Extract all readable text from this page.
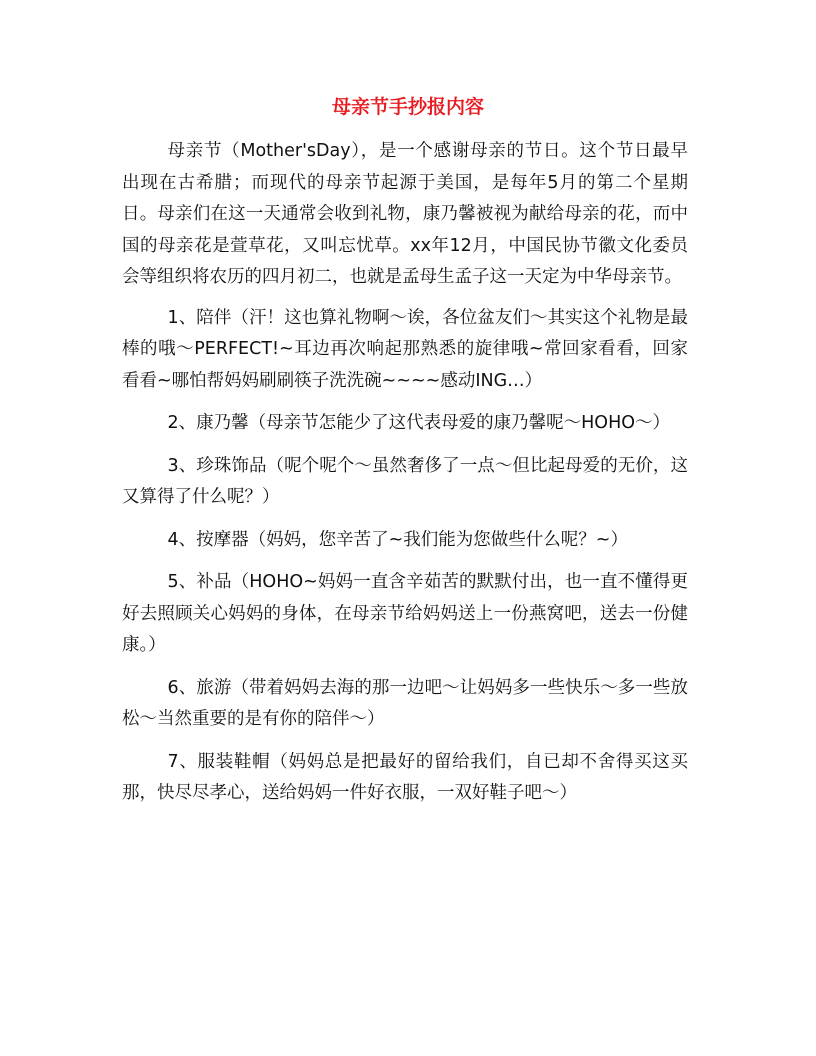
母亲节手抄报内容

母亲节（Mother'sDay），是一个感谢母亲的节日。这个节日最早出现在古希腊；而现代的母亲节起源于美国，是每年5月的第二个星期日。母亲们在这一天通常会收到礼物，康乃馨被视为献给母亲的花，而中国的母亲花是萱草花，又叫忘忧草。xx年12月，中国民协节徽文化委员会等组织将农历的四月初二，也就是孟母生孟子这一天定为中华母亲节。

1、陪伴（汗！这也算礼物啊～诶，各位盆友们～其实这个礼物是最棒的哦～PERFECT!~耳边再次响起那熟悉的旋律哦~常回家看看，回家看看~哪怕帮妈妈刷刷筷子洗洗碗~~~~感动ING…）

2、康乃馨（母亲节怎能少了这代表母爱的康乃馨呢～HOHO～）

3、珍珠饰品（呢个呢个～虽然奢侈了一点～但比起母爱的无价，这又算得了什么呢？）

4、按摩器（妈妈，您辛苦了~我们能为您做些什么呢？~）

5、补品（HOHO~妈妈一直含辛茹苦的默默付出，也一直不懂得更好去照顾关心妈妈的身体，在母亲节给妈妈送上一份燕窝吧，送去一份健康。）

6、旅游（带着妈妈去海的那一边吧～让妈妈多一些快乐～多一些放松～当然重要的是有你的陪伴～）

7、服装鞋帽（妈妈总是把最好的留给我们，自已却不舍得买这买那，快尽尽孝心，送给妈妈一件好衣服，一双好鞋子吧～）
